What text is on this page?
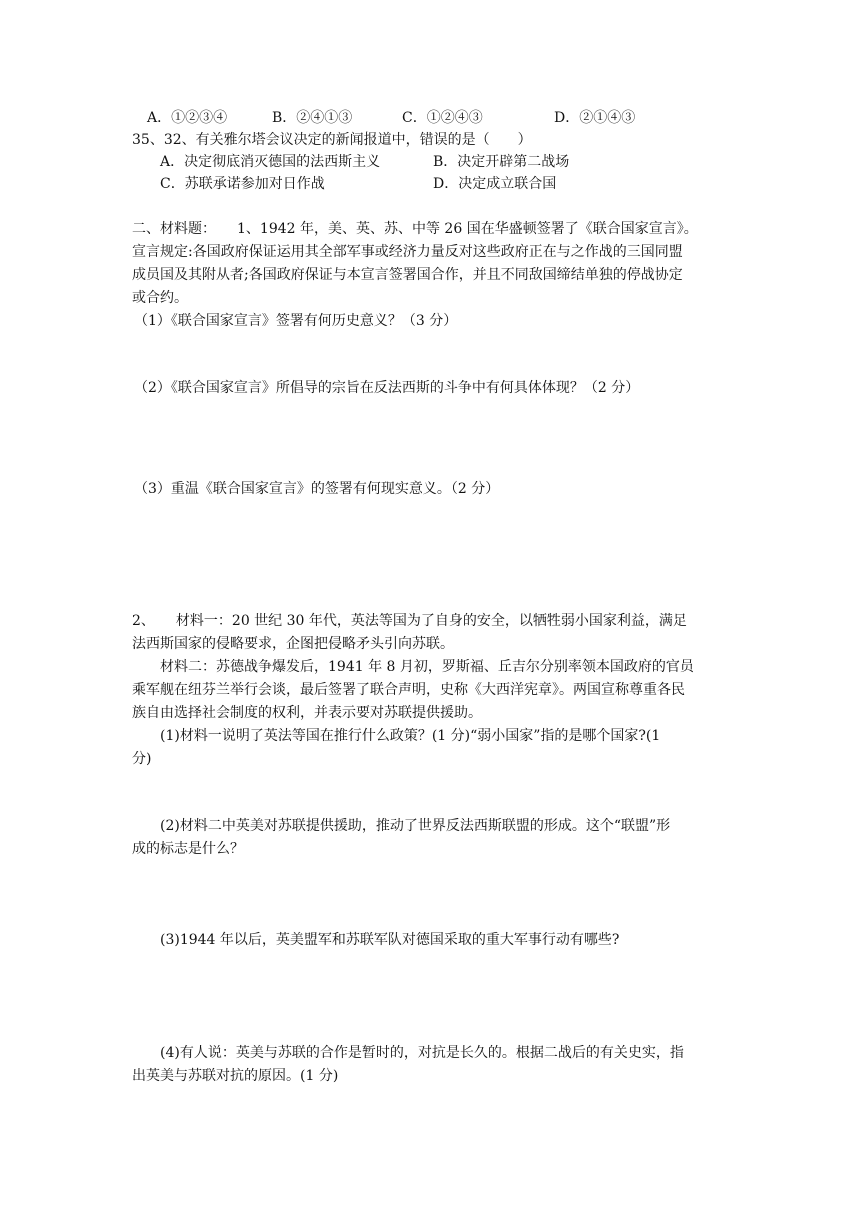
A．①②③④	B．②④①③	C．①②④③	D．②①④③
35、32、有关雅尔塔会议决定的新闻报道中，错误的是（　　）
A．决定彻底消灭德国的法西斯主义	B．决定开辟第二战场
C．苏联承诺参加对日作战	D．决定成立联合国
二、材料题：　　1、1942 年，美、英、苏、中等 26 国在华盛顿签署了《联合国家宣言》。
宣言规定:各国政府保证运用其全部军事或经济力量反对这些政府正在与之作战的三国同盟
成员国及其附从者;各国政府保证与本宣言签署国合作，并且不同敌国缔结单独的停战协定
或合约。
（1）《联合国家宣言》签署有何历史意义？（3 分）
（2）《联合国家宣言》所倡导的宗旨在反法西斯的斗争中有何具体体现？（2 分）
（3）重温《联合国家宣言》的签署有何现实意义。（2 分）
2、　　材料一：20 世纪 30 年代，英法等国为了自身的安全，以牺牲弱小国家利益，满足
法西斯国家的侵略要求，企图把侵略矛头引向苏联。
　　材料二：苏德战争爆发后，1941 年 8 月初，罗斯福、丘吉尔分别率领本国政府的官员
乘军舰在纽芬兰举行会谈，最后签署了联合声明，史称《大西洋宪章》。两国宣称尊重各民
族自由选择社会制度的权利，并表示要对苏联提供援助。
　　(1)材料一说明了英法等国在推行什么政策？(1 分)“弱小国家”指的是哪个国家?(1
分)
　　(2)材料二中英美对苏联提供援助，推动了世界反法西斯联盟的形成。这个“联盟”形
成的标志是什么？
　　(3)1944 年以后，英美盟军和苏联军队对德国采取的重大军事行动有哪些?
　　(4)有人说：英美与苏联的合作是暂时的，对抗是长久的。根据二战后的有关史实，指
出英美与苏联对抗的原因。(1 分)
